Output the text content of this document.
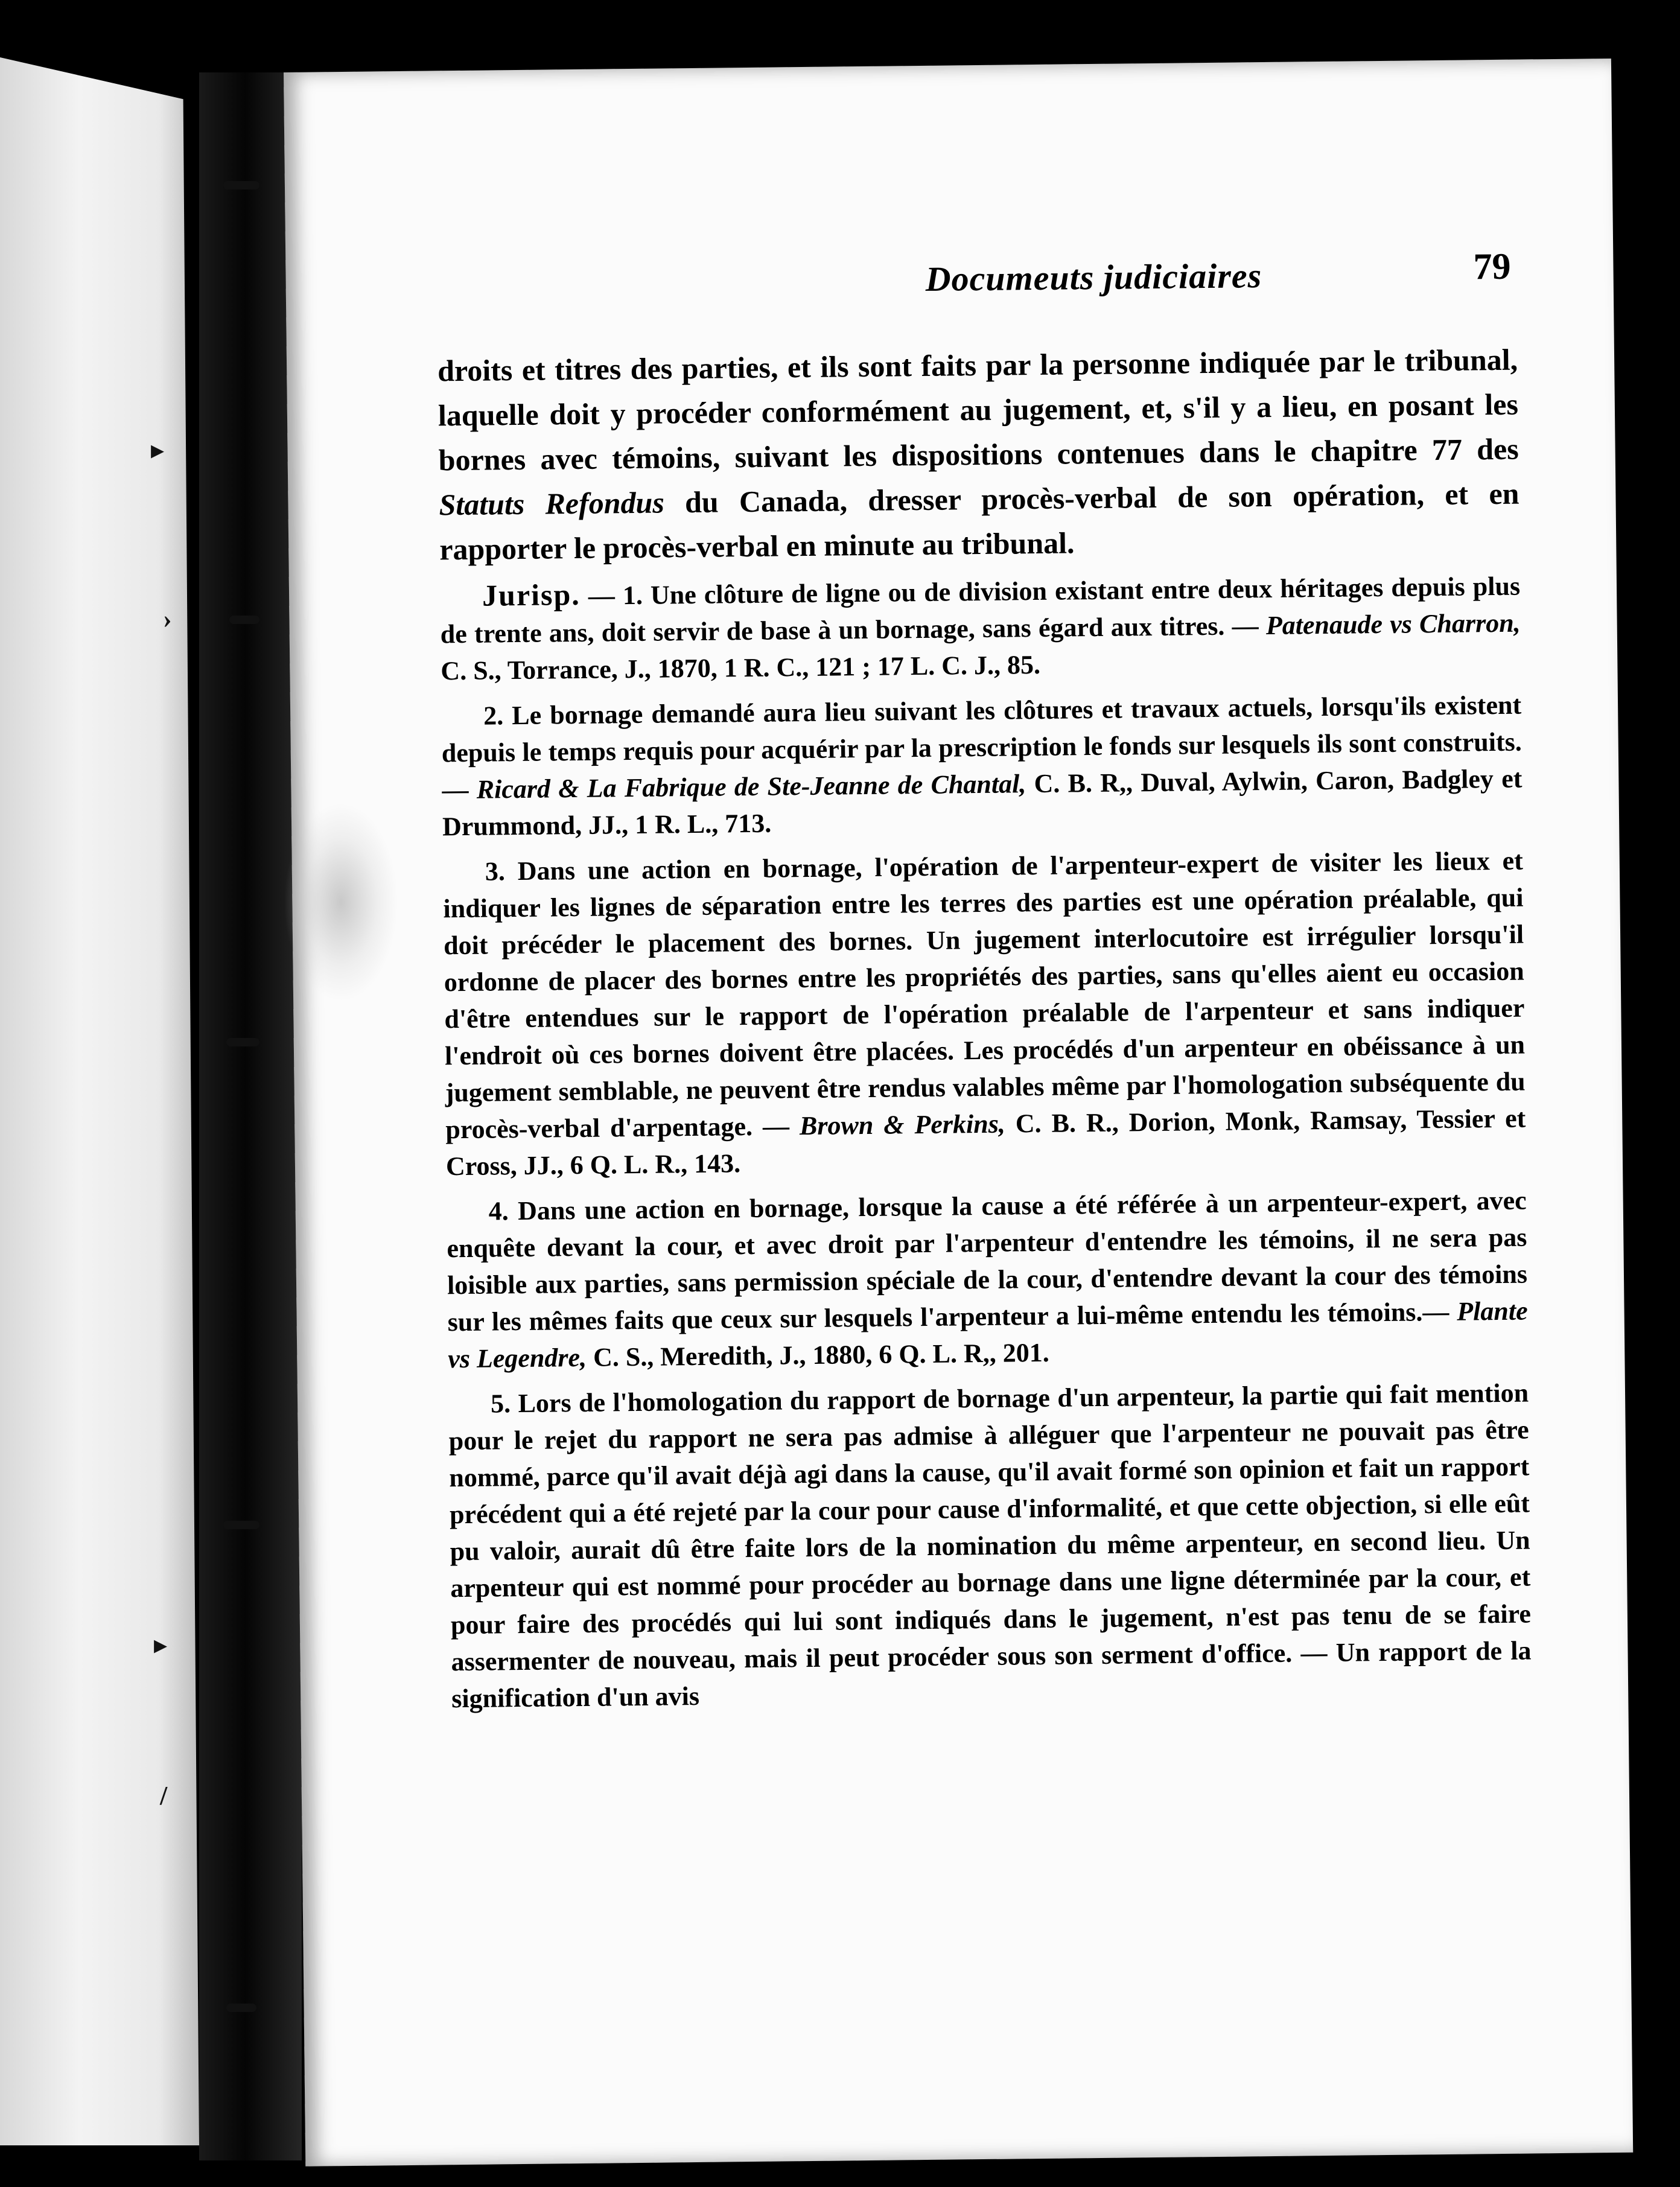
▸
›
▸
/
Documeuts judiciaires	79

droits et titres des parties, et ils sont faits par la personne indiquée par le tribunal, laquelle doit y procéder conformément au jugement, et, s'il y a lieu, en posant les bornes avec témoins, suivant les dispositions contenues dans le chapitre 77 des Statuts Refondus du Canada, dresser procès-verbal de son opération, et en rapporter le procès-verbal en minute au tribunal.

Jurisp. — 1. Une clôture de ligne ou de division existant entre deux héritages depuis plus de trente ans, doit servir de base à un bornage, sans égard aux titres. — Patenaude vs Charron, C. S., Torrance, J., 1870, 1 R. C., 121 ; 17 L. C. J., 85.

2. Le bornage demandé aura lieu suivant les clôtures et travaux actuels, lorsqu'ils existent depuis le temps requis pour acquérir par la prescription le fonds sur lesquels ils sont construits. — Ricard & La Fabrique de Ste-Jeanne de Chantal, C. B. R,, Duval, Aylwin, Caron, Badgley et Drummond, JJ., 1 R. L., 713.

3. Dans une action en bornage, l'opération de l'arpenteur-expert de visiter les lieux et indiquer les lignes de séparation entre les terres des parties est une opération préalable, qui doit précéder le placement des bornes. Un jugement interlocutoire est irrégulier lorsqu'il ordonne de placer des bornes entre les propriétés des parties, sans qu'elles aient eu occasion d'être entendues sur le rapport de l'opération préalable de l'arpenteur et sans indiquer l'endroit où ces bornes doivent être placées. Les procédés d'un arpenteur en obéissance à un jugement semblable, ne peuvent être rendus valables même par l'homologation subséquente du procès-verbal d'arpentage. — Brown & Perkins, C. B. R., Dorion, Monk, Ramsay, Tessier et Cross, JJ., 6 Q. L. R., 143.

4. Dans une action en bornage, lorsque la cause a été référée à un arpenteur-expert, avec enquête devant la cour, et avec droit par l'arpenteur d'entendre les témoins, il ne sera pas loisible aux parties, sans permission spéciale de la cour, d'entendre devant la cour des témoins sur les mêmes faits que ceux sur lesquels l'arpenteur a lui-même entendu les témoins.— Plante vs Legendre, C. S., Meredith, J., 1880, 6 Q. L. R,, 201.

5. Lors de l'homologation du rapport de bornage d'un arpenteur, la partie qui fait mention pour le rejet du rapport ne sera pas admise à alléguer que l'arpenteur ne pouvait pas être nommé, parce qu'il avait déjà agi dans la cause, qu'il avait formé son opinion et fait un rapport précédent qui a été rejeté par la cour pour cause d'informalité, et que cette objection, si elle eût pu valoir, aurait dû être faite lors de la nomination du même arpenteur, en second lieu. Un arpenteur qui est nommé pour procéder au bornage dans une ligne déterminée par la cour, et pour faire des procédés qui lui sont indiqués dans le jugement, n'est pas tenu de se faire assermenter de nouveau, mais il peut procéder sous son serment d'office. — Un rapport de la signification d'un avis
